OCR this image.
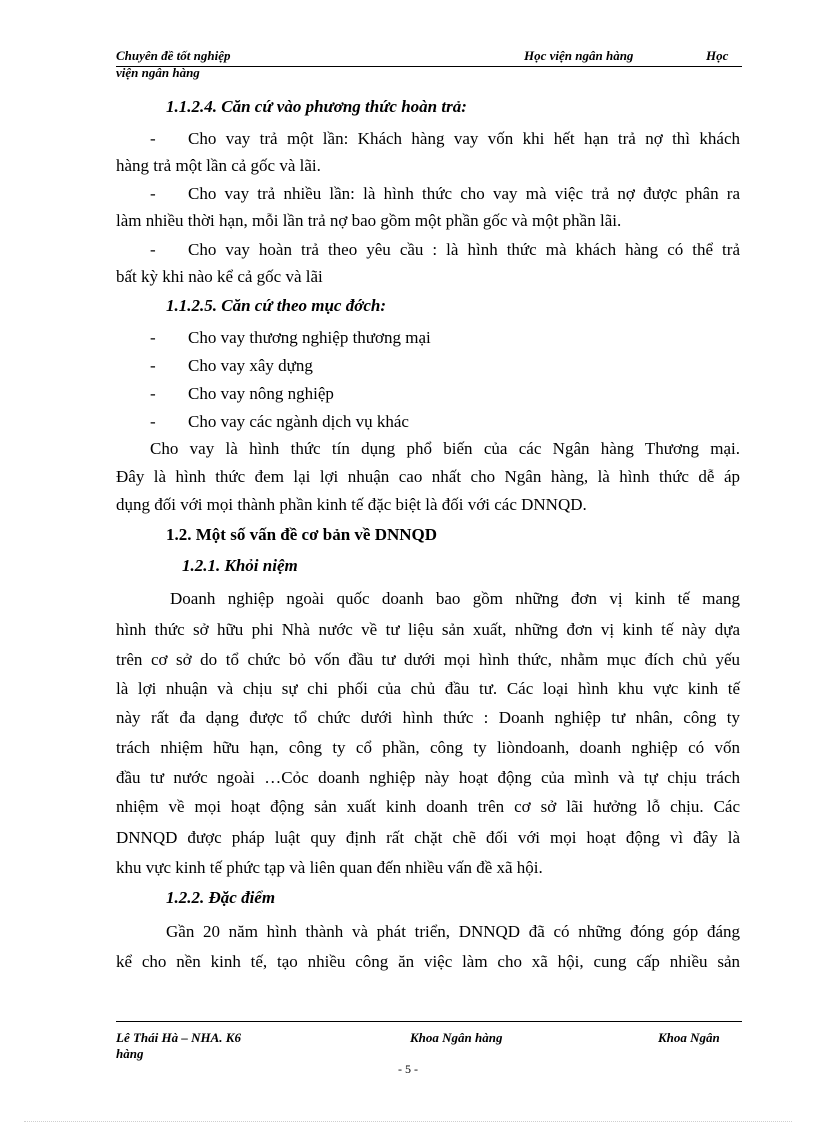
Chuyên đề tốt nghiệp	Học viện ngân hàng	Học
viện ngân hàng
1.1.2.4. Căn cứ vào phương thức hoàn trả:
- Cho vay trả một lần: Khách hàng vay vốn khi hết hạn trả nợ thì khách
hàng trả một lần cả gốc và lãi.
- Cho vay trả nhiều lần: là hình thức cho vay mà việc trả nợ được phân ra
làm nhiều thời hạn, mỗi lần trả nợ bao gồm một phần gốc và một phần lãi.
- Cho vay hoàn trả theo yêu cầu : là hình thức mà khách hàng có thể trả
bất kỳ khi nào kể cả gốc và lãi
1.1.2.5. Căn cứ theo mục đớch:
- Cho vay thương nghiệp thương mại
- Cho vay xây dựng
- Cho vay nông nghiệp
- Cho vay các ngành dịch vụ khác
Cho vay là hình thức tín dụng phổ biến của các Ngân hàng Thương mại.
Đây là hình thức đem lại lợi nhuận cao nhất cho Ngân hàng, là hình thức dễ áp
dụng đối với mọi thành phần kinh tế đặc biệt là đối với các DNNQD.
1.2. Một số vấn đề cơ bản về DNNQD
1.2.1. Khỏi niệm
Doanh nghiệp ngoài quốc doanh bao gồm những đơn vị kinh tế mang
hình thức sở hữu phi Nhà nước về tư liệu sản xuất, những đơn vị kinh tế này dựa
trên cơ sở do tổ chức bỏ vốn đầu tư dưới mọi hình thức, nhằm mục đích chủ yếu
là lợi nhuận và chịu sự chi phối của chủ đầu tư. Các loại hình khu vực kinh tế
này rất đa dạng được tổ chức dưới hình thức : Doanh nghiệp tư nhân, công ty
trách nhiệm hữu hạn, công ty cổ phần, công ty liòndoanh, doanh nghiệp có vốn
đầu tư nước ngoài …Cỏc doanh nghiệp này hoạt động của mình và tự chịu trách
nhiệm về mọi hoạt động sản xuất kinh doanh trên cơ sở lãi hưởng lỗ chịu. Các
DNNQD được pháp luật quy định rất chặt chẽ đối với mọi hoạt động vì đây là
khu vực kinh tế phức tạp và liên quan đến nhiều vấn đề xã hội.
1.2.2. Đặc điểm
Gần 20 năm hình thành và phát triển, DNNQD đã có những đóng góp đáng
kể cho nền kinh tế, tạo nhiều công ăn việc làm cho xã hội, cung cấp nhiều sản
Lê Thái Hà – NHA. K6	Khoa Ngân hàng	Khoa Ngân
hàng
- 5 -
